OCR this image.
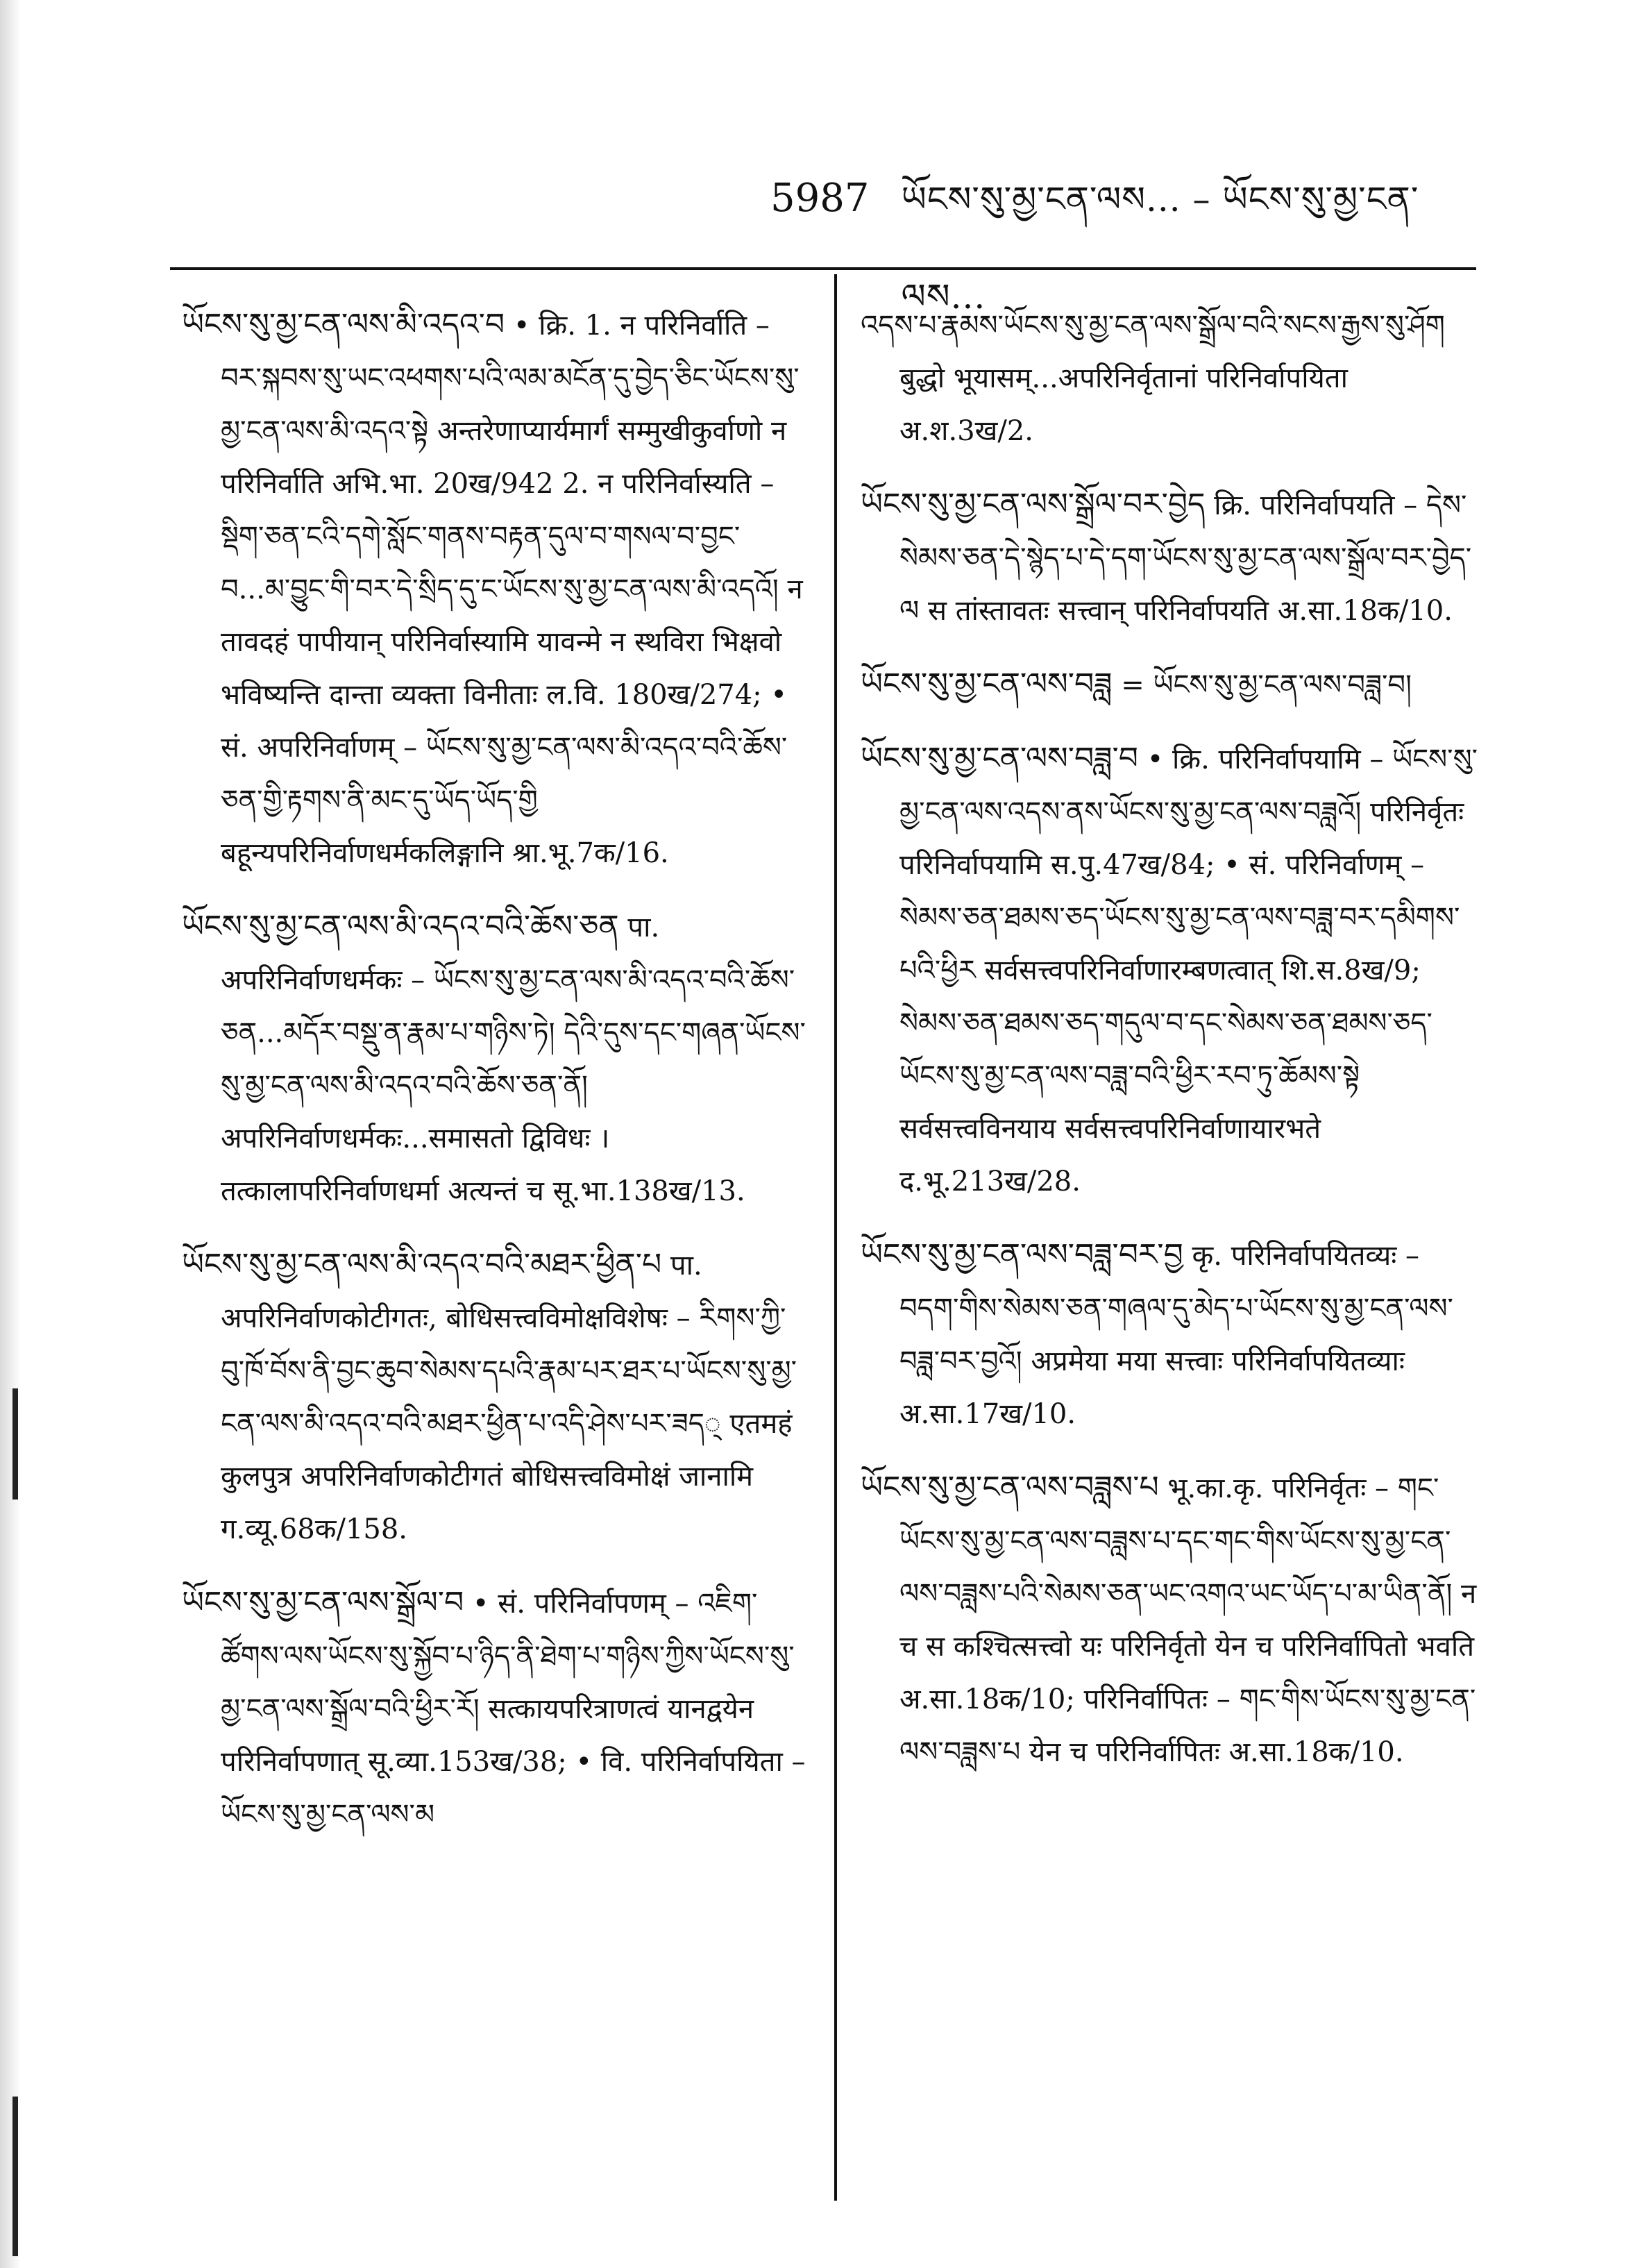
5987 ཡོངས་སུ་མྱ་ངན་ལས... – ཡོངས་སུ་མྱ་ངན་ལས...
ཡོངས་སུ་མྱ་ངན་ལས་མི་འདའ་བ • क्रि. 1. न परिनिर्वाति – བར་སྐབས་སུ་ཡང་འཕགས་པའི་ལམ་མངོན་དུ་བྱེད་ཅིང་ཡོངས་སུ་མྱ་ངན་ལས་མི་འདའ་སྟེ अन्तरेणाप्यार्यमार्गं सम्मुखीकुर्वाणो न परिनिर्वाति अभि.भा. 20ख/942 2. न परिनिर्वास्यति – སྡིག་ཅན་ངའི་དགེ་སློང་གནས་བརྟན་དུལ་བ་གསལ་བ་བྱང་བ...མ་བྱུང་གི་བར་དེ་སྲིད་དུ་ང་ཡོངས་སུ་མྱ་ངན་ལས་མི་འདའོ། न तावदहं पापीयान् परिनिर्वास्यामि यावन्मे न स्थविरा भिक्षवो भविष्यन्ति दान्ता व्यक्ता विनीताः ल.वि. 180ख/274; • सं. अपरिनिर्वाणम् – ཡོངས་སུ་མྱ་ངན་ལས་མི་འདའ་བའི་ཆོས་ཅན་གྱི་རྟགས་ནི་མང་དུ་ཡོད་ཡོད་གྱི बहून्यपरिनिर्वाणधर्मकलिङ्गानि श्रा.भू.7क/16.
ཡོངས་སུ་མྱ་ངན་ལས་མི་འདའ་བའི་ཆོས་ཅན पा. अपरिनिर्वाणधर्मकः – ཡོངས་སུ་མྱ་ངན་ལས་མི་འདའ་བའི་ཆོས་ཅན...མདོར་བསྡུ་ན་རྣམ་པ་གཉིས་ཏེ། དེའི་དུས་དང་གཞན་ཡོངས་སུ་མྱ་ངན་ལས་མི་འདའ་བའི་ཆོས་ཅན་ནོ། अपरिनिर्वाणधर्मकः...समासतो द्विविधः । तत्कालापरिनिर्वाणधर्मा अत्यन्तं च सू.भा.138ख/13.
ཡོངས་སུ་མྱ་ངན་ལས་མི་འདའ་བའི་མཐར་ཕྱིན་པ पा. अपरिनिर्वाणकोटीगतः, बोधिसत्त्वविमोक्षविशेषः – རིགས་ཀྱི་བུ་ཁོ་བོས་ནི་བྱང་ཆུབ་སེམས་དཔའི་རྣམ་པར་ཐར་པ་ཡོངས་སུ་མྱ་ངན་ལས་མི་འདའ་བའི་མཐར་ཕྱིན་པ་འདི་ཤེས་པར་ཟད् एतमहं कुलपुत्र अपरिनिर्वाणकोटीगतं बोधिसत्त्वविमोक्षं जानामि ग.व्यू.68क/158.
ཡོངས་སུ་མྱ་ངན་ལས་སྒྲོལ་བ • सं. परिनिर्वापणम् – འཇིག་ཚོགས་ལས་ཡོངས་སུ་སྐྱོབ་པ་ཉིད་ནི་ཐེག་པ་གཉིས་ཀྱིས་ཡོངས་སུ་མྱ་ངན་ལས་སྒྲོལ་བའི་ཕྱིར་རོ། सत्कायपरित्राणत्वं यानद्वयेन परिनिर्वापणात् सू.व्या.153ख/38; • वि. परिनिर्वापयिता – ཡོངས་སུ་མྱ་ངན་ལས་མ
འདས་པ་རྣམས་ཡོངས་སུ་མྱ་ངན་ལས་སྒྲོལ་བའི་སངས་རྒྱས་སུ་ཤོག बुद्धो भूयासम्...अपरिनिर्वृतानां परिनिर्वापयिता अ.श.3ख/2.
ཡོངས་སུ་མྱ་ངན་ལས་སྒྲོལ་བར་བྱེད क्रि. परिनिर्वापयति – དེས་སེམས་ཅན་དེ་སྙེད་པ་དེ་དག་ཡོངས་སུ་མྱ་ངན་ལས་སྒྲོལ་བར་བྱེད་ལ स तांस्तावतः सत्त्वान् परिनिर्वापयति अ.सा.18क/10.
ཡོངས་སུ་མྱ་ངན་ལས་བཟླ = ཡོངས་སུ་མྱ་ངན་ལས་བཟླ་བ།
ཡོངས་སུ་མྱ་ངན་ལས་བཟླ་བ • क्रि. परिनिर्वापयामि – ཡོངས་སུ་མྱ་ངན་ལས་འདས་ནས་ཡོངས་སུ་མྱ་ངན་ལས་བཟླའོ། परिनिर्वृतः परिनिर्वापयामि स.पु.47ख/84; • सं. परिनिर्वाणम् – སེམས་ཅན་ཐམས་ཅད་ཡོངས་སུ་མྱ་ངན་ལས་བཟླ་བར་དམིགས་པའི་ཕྱིར सर्वसत्त्वपरिनिर्वाणारम्बणत्वात् शि.स.8ख/9; སེམས་ཅན་ཐམས་ཅད་གདུལ་བ་དང་སེམས་ཅན་ཐམས་ཅད་ཡོངས་སུ་མྱ་ངན་ལས་བཟླ་བའི་ཕྱིར་རབ་ཏུ་ཆོམས་སྟེ सर्वसत्त्वविनयाय सर्वसत्त्वपरिनिर्वाणायारभते द.भू.213ख/28.
ཡོངས་སུ་མྱ་ངན་ལས་བཟླ་བར་བྱ कृ. परिनिर्वापयितव्यः – བདག་གིས་སེམས་ཅན་གཞལ་དུ་མེད་པ་ཡོངས་སུ་མྱ་ངན་ལས་བཟླ་བར་བྱའོ། अप्रमेया मया सत्त्वाः परिनिर्वापयितव्याः अ.सा.17ख/10.
ཡོངས་སུ་མྱ་ངན་ལས་བཟླས་པ भू.का.कृ. परिनिर्वृतः – གང་ཡོངས་སུ་མྱ་ངན་ལས་བཟླས་པ་དང་གང་གིས་ཡོངས་སུ་མྱ་ངན་ལས་བཟླས་པའི་སེམས་ཅན་ཡང་འགའ་ཡང་ཡོད་པ་མ་ཡིན་ནོ། न च स कश्चित्सत्त्वो यः परिनिर्वृतो येन च परिनिर्वापितो भवति अ.सा.18क/10; परिनिर्वापितः – གང་གིས་ཡོངས་སུ་མྱ་ངན་ལས་བཟླས་པ येन च परिनिर्वापितः अ.सा.18क/10.
